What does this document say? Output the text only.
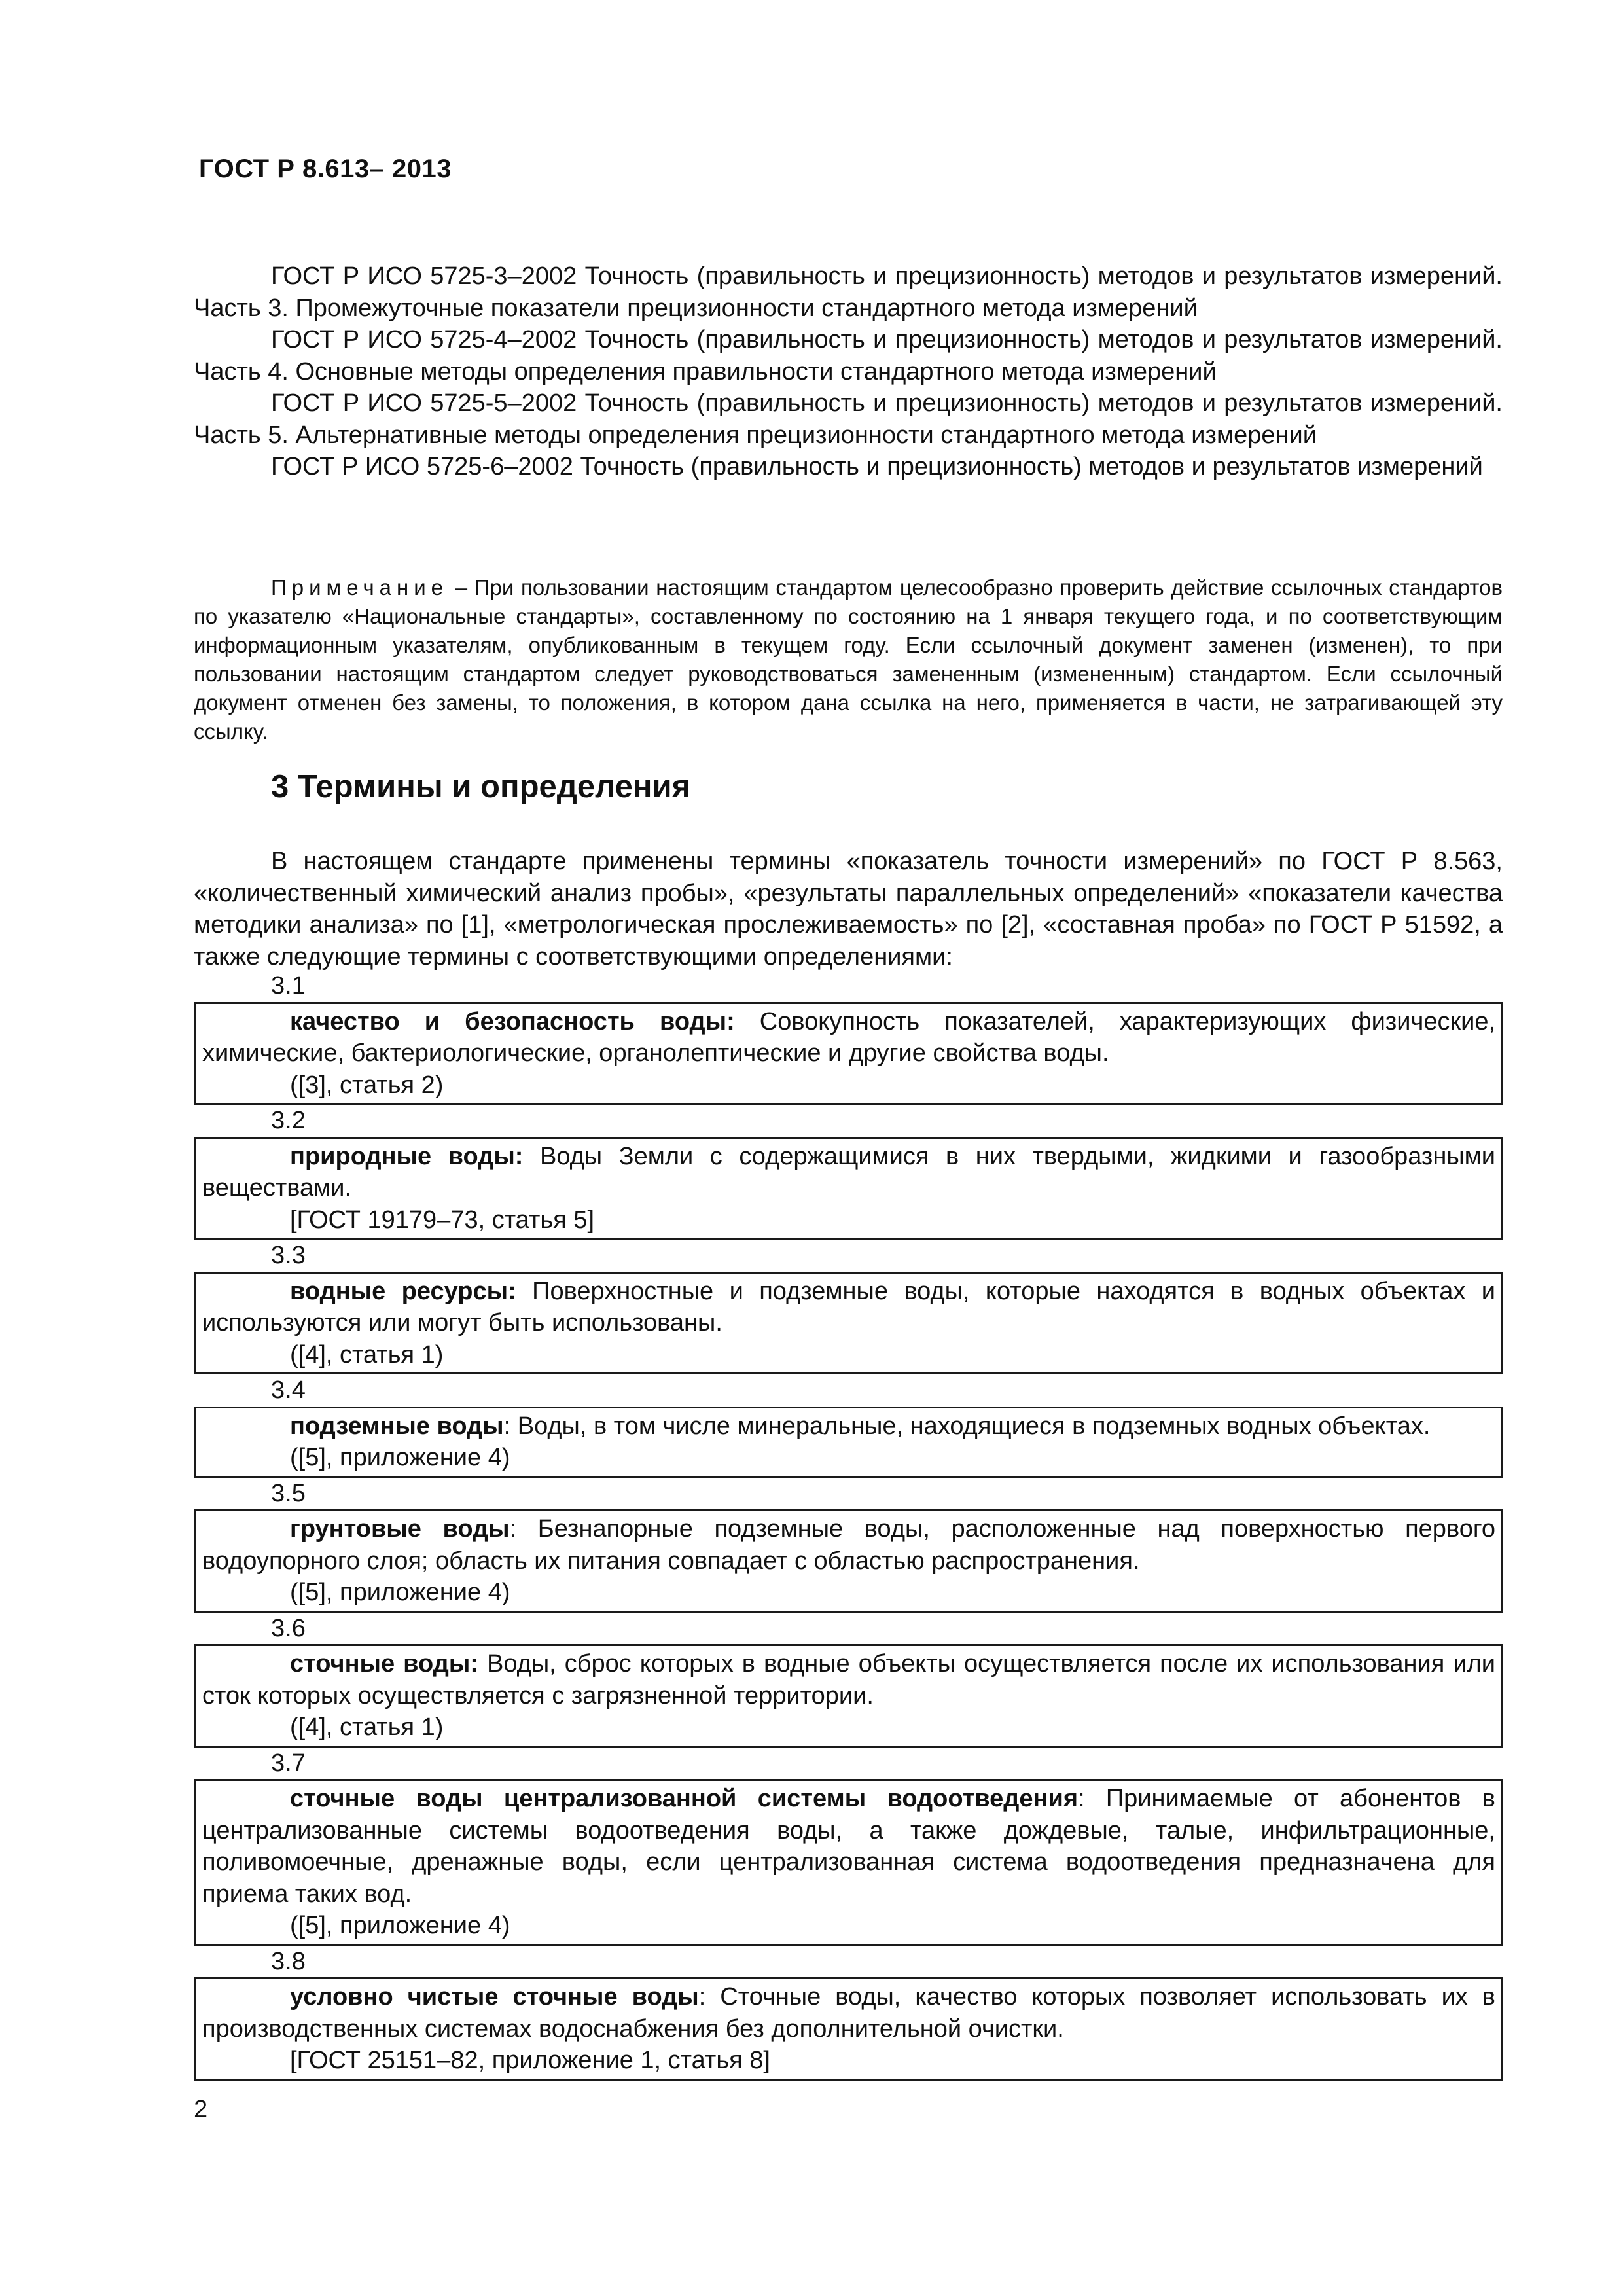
ГОСТ Р 8.613– 2013

ГОСТ Р ИСО 5725-3–2002 Точность (правильность и прецизионность) методов и результатов измерений. Часть 3. Промежуточные показатели прецизионности стандартного метода измерений

ГОСТ Р ИСО 5725-4–2002 Точность (правильность и прецизионность) методов и результатов измерений. Часть 4. Основные методы определения правильности стандартного метода измерений

ГОСТ Р ИСО 5725-5–2002 Точность (правильность и прецизионность) методов и результатов измерений. Часть 5. Альтернативные методы определения прецизионности стандартного метода измерений

ГОСТ Р ИСО 5725-6–2002 Точность (правильность и прецизионность) методов и результатов измерений

Примечание – При пользовании настоящим стандартом целесообразно проверить действие ссылочных стандартов по указателю «Национальные стандарты», составленному по состоянию на 1 января текущего года, и по соответствующим информационным указателям, опубликованным в текущем году. Если ссылочный документ заменен (изменен), то при пользовании настоящим стандартом следует руководствоваться замененным (измененным) стандартом. Если ссылочный документ отменен без замены, то положения, в котором дана ссылка на него, применяется в части, не затрагивающей эту ссылку.

3 Термины и определения

В настоящем стандарте применены термины «показатель точности измерений» по ГОСТ Р 8.563, «количественный химический анализ пробы», «результаты параллельных определений» «показатели качества методики анализа» по [1], «метрологическая прослеживаемость» по [2], «составная проба» по ГОСТ Р 51592, а также следующие термины с соответствующими определениями:

3.1

качество и безопасность воды: Совокупность показателей, характеризующих физические, химические, бактериологические, органолептические и другие свойства воды.

([3], статья 2)

3.2

природные воды: Воды Земли с содержащимися в них твердыми, жидкими и газообразными веществами.

[ГОСТ 19179–73, статья 5]

3.3

водные ресурсы: Поверхностные и подземные воды, которые находятся в водных объектах и используются или могут быть использованы.

([4], статья 1)

3.4

подземные воды: Воды, в том числе минеральные, находящиеся в подземных водных объектах.

([5], приложение 4)

3.5

грунтовые воды: Безнапорные подземные воды, расположенные над поверхностью первого водоупорного слоя; область их питания совпадает с областью распространения.

([5], приложение 4)

3.6

сточные воды: Воды, сброс которых в водные объекты осуществляется после их использования или сток которых осуществляется с загрязненной территории.

([4], статья 1)

3.7

сточные воды централизованной системы водоотведения: Принимаемые от абонентов в централизованные системы водоотведения воды, а также дождевые, талые, инфильтрационные, поливомоечные, дренажные воды, если централизованная система водоотведения предназначена для приема таких вод.

([5], приложение 4)

3.8

условно чистые сточные воды: Сточные воды, качество которых позволяет использовать их в производственных системах водоснабжения без дополнительной очистки.

[ГОСТ 25151–82, приложение 1, статья 8]

2
